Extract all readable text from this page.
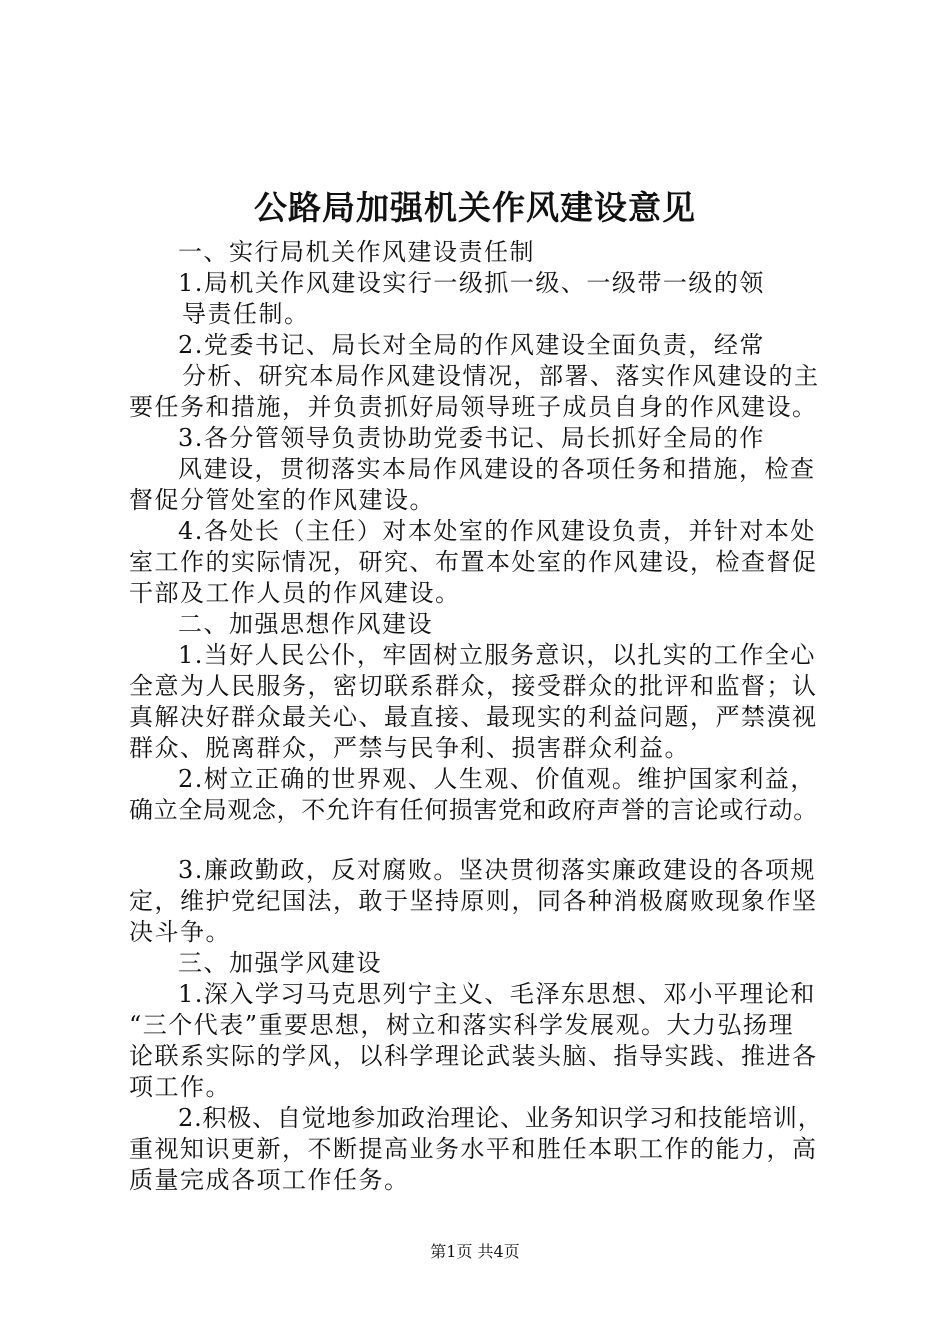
公路局加强机关作风建设意见
一、实行局机关作风建设责任制
1.局机关作风建设实行一级抓一级、一级带一级的领
导责任制。
2.党委书记、局长对全局的作风建设全面负责，经常
分析、研究本局作风建设情况，部署、落实作风建设的主
要任务和措施，并负责抓好局领导班子成员自身的作风建设。
3.各分管领导负责协助党委书记、局长抓好全局的作
风建设，贯彻落实本局作风建设的各项任务和措施，检查
督促分管处室的作风建设。
4.各处长（主任）对本处室的作风建设负责，并针对本处
室工作的实际情况，研究、布置本处室的作风建设，检查督促
干部及工作人员的作风建设。
二、加强思想作风建设
1.当好人民公仆，牢固树立服务意识，以扎实的工作全心
全意为人民服务，密切联系群众，接受群众的批评和监督；认
真解决好群众最关心、最直接、最现实的利益问题，严禁漠视
群众、脱离群众，严禁与民争利、损害群众利益。
2.树立正确的世界观、人生观、价值观。维护国家利益，
确立全局观念，不允许有任何损害党和政府声誉的言论或行动。
3.廉政勤政，反对腐败。坚决贯彻落实廉政建设的各项规
定，维护党纪国法，敢于坚持原则，同各种消极腐败现象作坚
决斗争。
三、加强学风建设
1.深入学习马克思列宁主义、毛泽东思想、邓小平理论和
“三个代表”重要思想，树立和落实科学发展观。大力弘扬理
论联系实际的学风，以科学理论武装头脑、指导实践、推进各
项工作。
2.积极、自觉地参加政治理论、业务知识学习和技能培训，
重视知识更新，不断提高业务水平和胜任本职工作的能力，高
质量完成各项工作任务。
第1页 共4页
